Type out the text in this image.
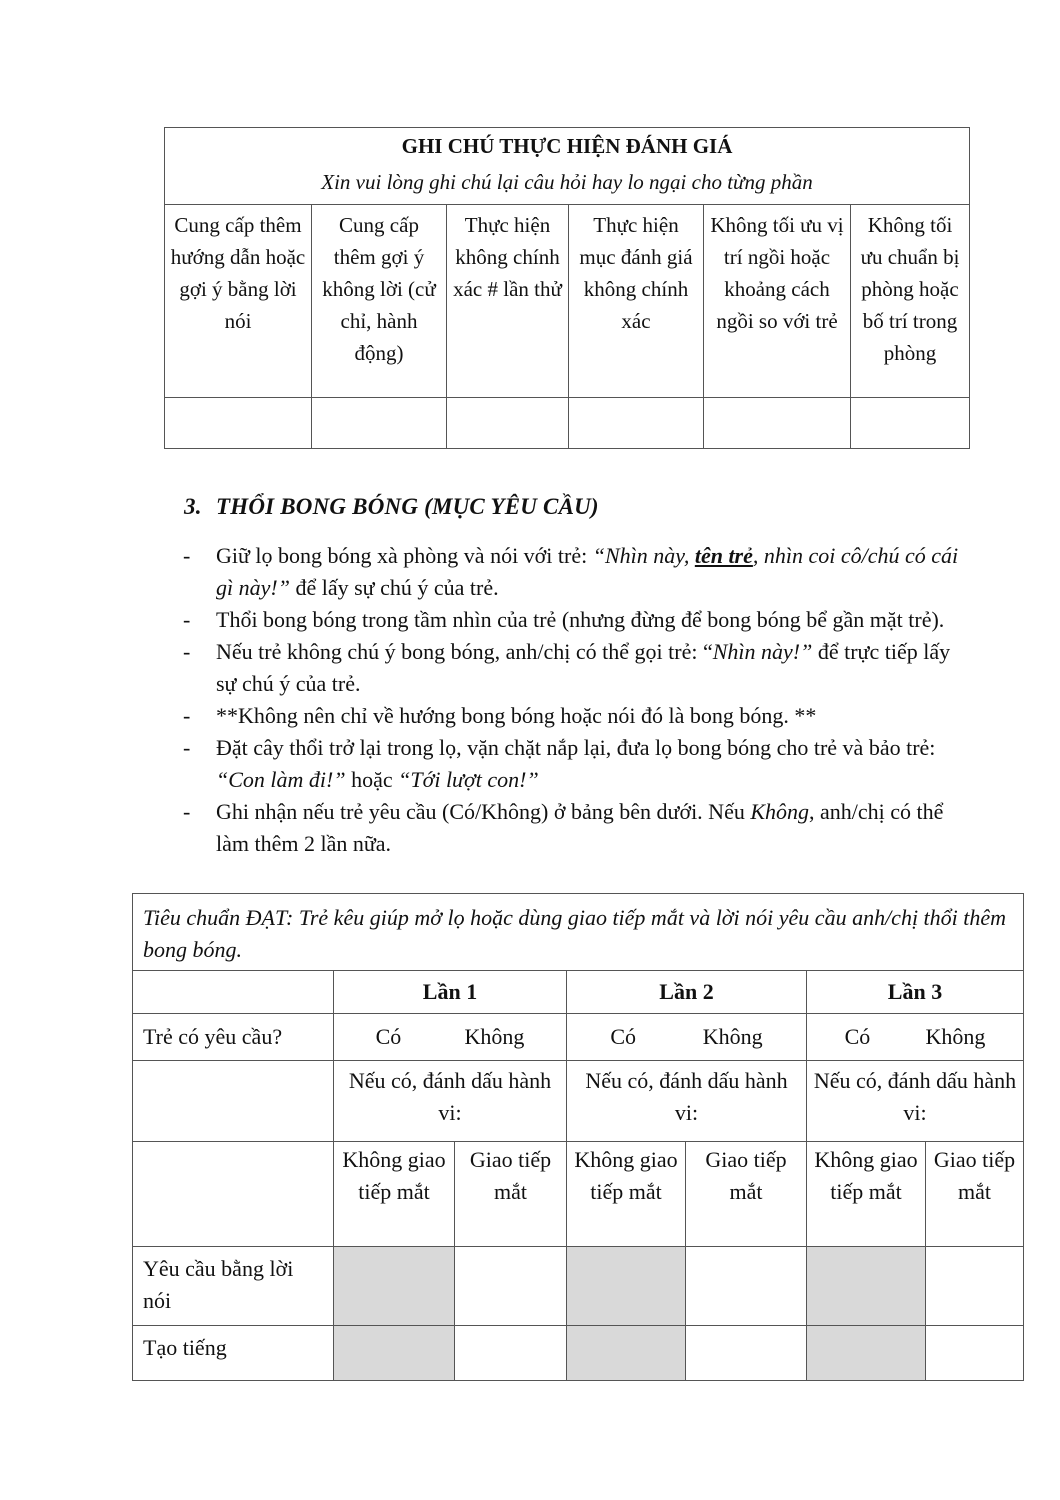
GHI CHÚ THỰC HIỆN ĐÁNH GIÁ
Xin vui lòng ghi chú lại câu hỏi hay lo ngại cho từng phần					

Cung cấp thêm hướng dẫn hoặc gợi ý bằng lời nói	Cung cấp thêm gợi ý không lời (cử chỉ, hành động)	Thực hiện không chính xác # lần thử	Thực hiện mục đánh giá không chính xác	Không tối ưu vị trí ngồi hoặc khoảng cách ngồi so với trẻ	Không tối ưu chuẩn bị phòng hoặc bố trí trong phòng

3. THỔI BONG BÓNG (MỤC YÊU CẦU)
- Giữ lọ bong bóng xà phòng và nói với trẻ: “Nhìn này, tên trẻ, nhìn coi cô/chú có cái gì này!” để lấy sự chú ý của trẻ.
- Thổi bong bóng trong tầm nhìn của trẻ (nhưng đừng để bong bóng bể gần mặt trẻ).
- Nếu trẻ không chú ý bong bóng, anh/chị có thể gọi trẻ: “Nhìn này!” để trực tiếp lấy sự chú ý của trẻ.
- **Không nên chỉ về hướng bong bóng hoặc nói đó là bong bóng. **
- Đặt cây thổi trở lại trong lọ, vặn chặt nắp lại, đưa lọ bong bóng cho trẻ và bảo trẻ: “Con làm đi!” hoặc “Tới lượt con!”
- Ghi nhận nếu trẻ yêu cầu (Có/Không) ở bảng bên dưới. Nếu Không, anh/chị có thể làm thêm 2 lần nữa.
Tiêu chuẩn ĐẠT: Trẻ kêu giúp mở lọ hoặc dùng giao tiếp mắt và lời nói yêu cầu anh/chị thổi thêm bong bóng.						
	Lần 1		Lần 2		Lần 3	
Trẻ có yêu cầu?	Có Không		Có Không		Có Không	

	Nếu có, đánh dấu hành vi:		Nếu có, đánh dấu hành vi:		Nếu có, đánh dấu hành vi:	
	Không giao tiếp mắt	Giao tiếp mắt	Không giao tiếp mắt	Giao tiếp mắt	Không giao tiếp mắt	Giao tiếp mắt
Yêu cầu bằng lời nói						
Tạo tiếng						
